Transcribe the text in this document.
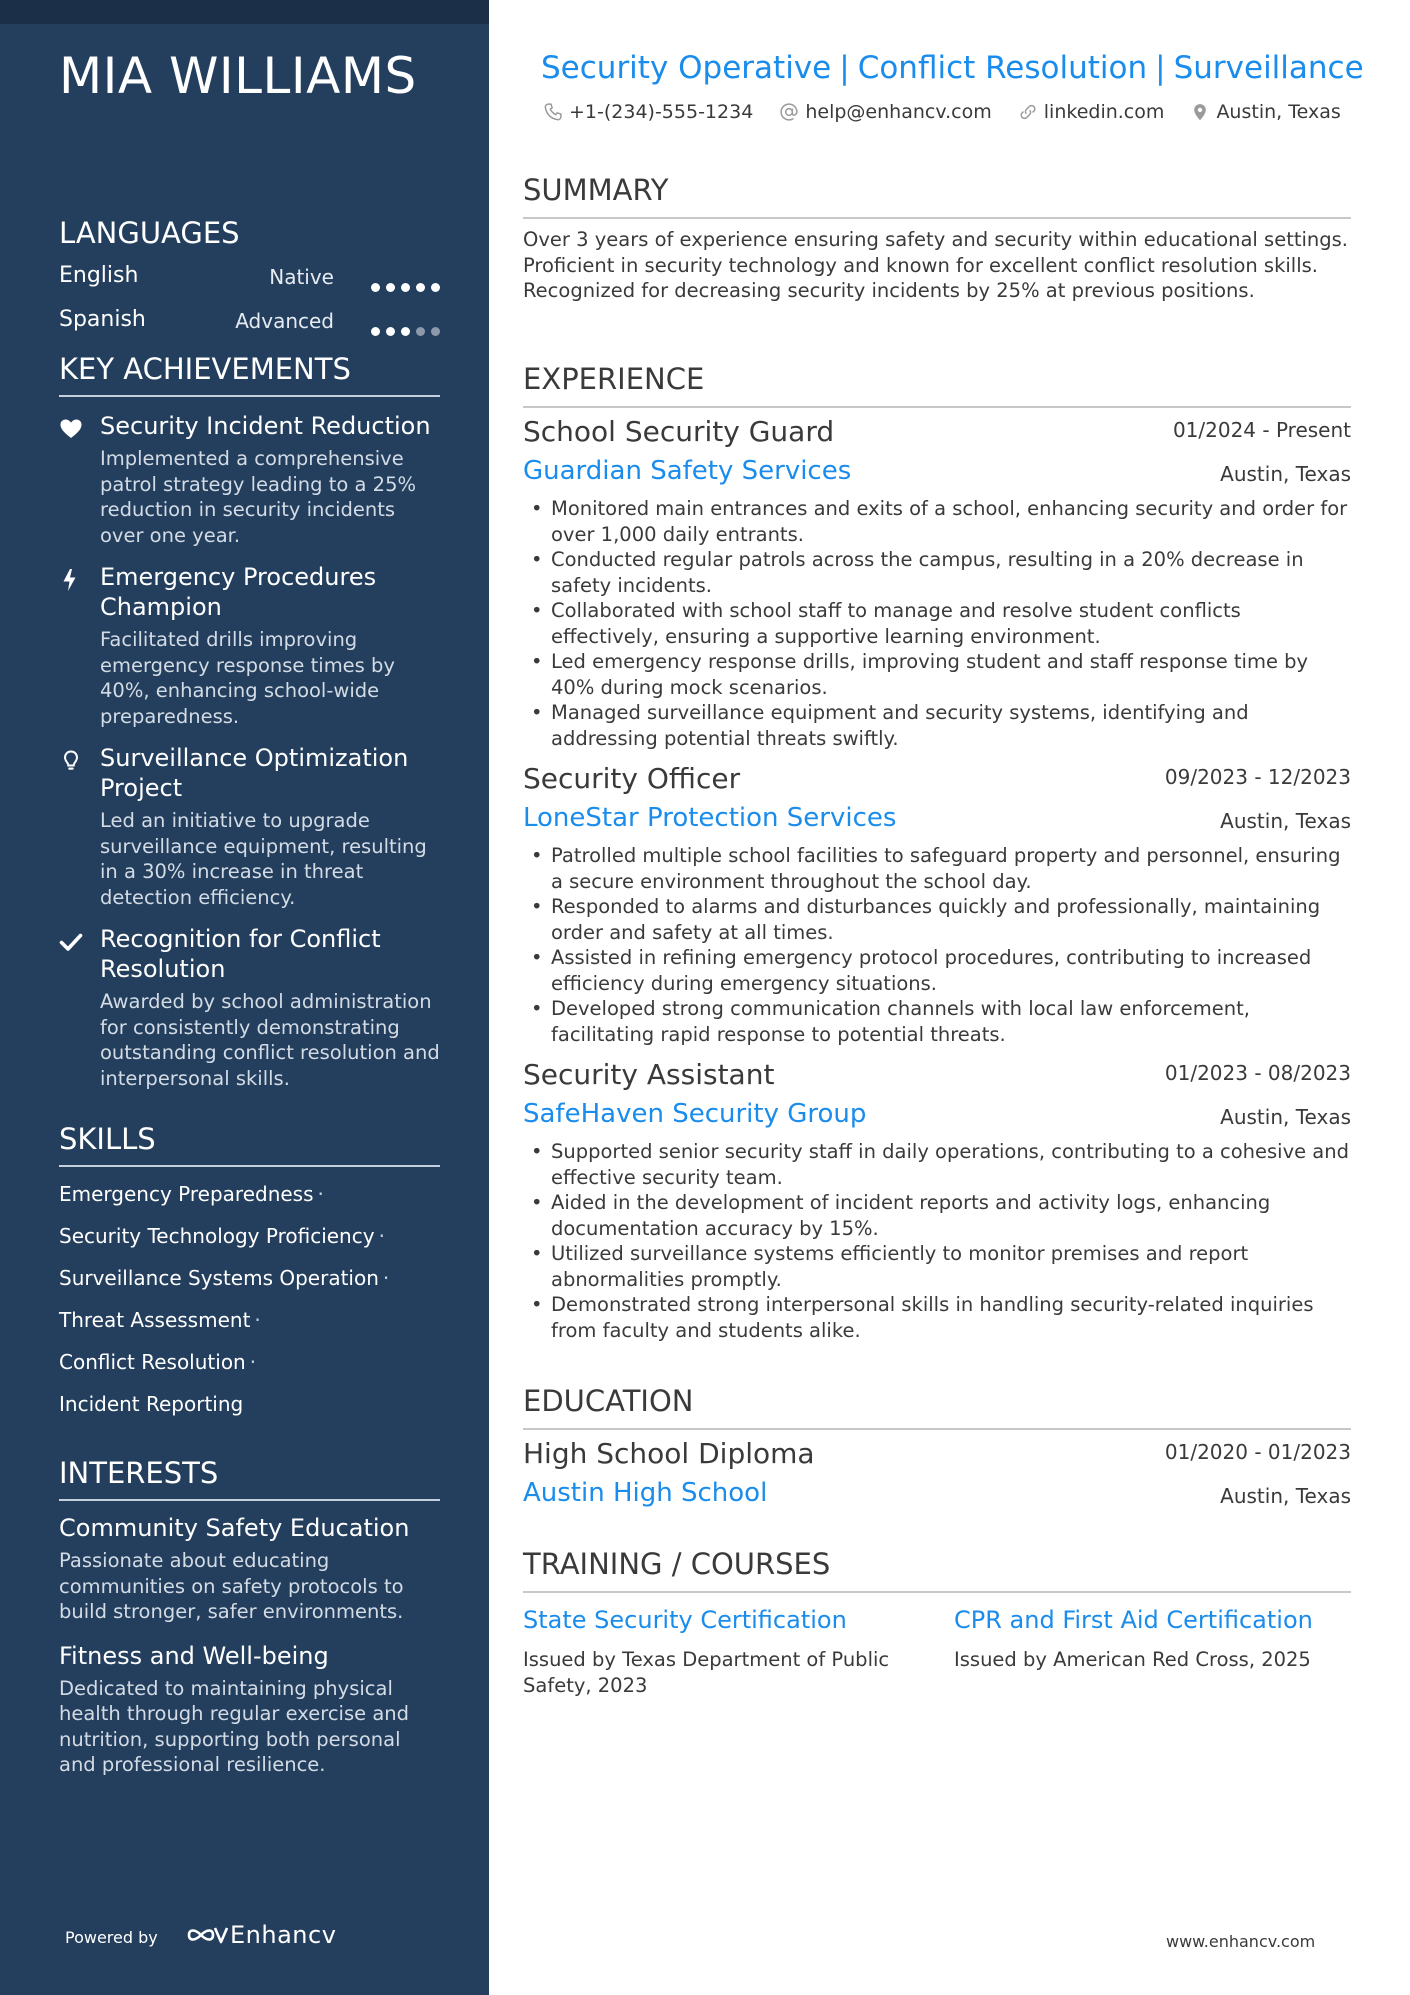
MIA WILLIAMS
LANGUAGES
English	Native
Spanish	Advanced
KEY ACHIEVEMENTS
Security Incident Reduction
Implemented a comprehensive patrol strategy leading to a 25% reduction in security incidents over one year.
Emergency Procedures Champion
Facilitated drills improving emergency response times by 40%, enhancing school-wide preparedness.
Surveillance Optimization Project
Led an initiative to upgrade surveillance equipment, resulting in a 30% increase in threat detection efficiency.
Recognition for Conflict Resolution
Awarded by school administration for consistently demonstrating outstanding conflict resolution and interpersonal skills.
SKILLS
Emergency Preparedness ·
Security Technology Proficiency ·
Surveillance Systems Operation ·
Threat Assessment ·
Conflict Resolution ·
Incident Reporting
INTERESTS
Community Safety Education
Passionate about educating communities on safety protocols to build stronger, safer environments.
Fitness and Well-being
Dedicated to maintaining physical health through regular exercise and nutrition, supporting both personal and professional resilience.
Powered by	Enhancv
Security Operative | Conflict Resolution | Surveillance
+1-(234)-555-1234
	help@enhancv.com
	linkedin.com
	Austin, Texas
SUMMARY
Over 3 years of experience ensuring safety and security within educational settings. Proficient in security technology and known for excellent conflict resolution skills. Recognized for decreasing security incidents by 25% at previous positions.
EXPERIENCE
School Security Guard	01/2024 - Present
Guardian Safety Services	Austin, Texas
• Monitored main entrances and exits of a school, enhancing security and order for over 1,000 daily entrants.
• Conducted regular patrols across the campus, resulting in a 20% decrease in safety incidents.
• Collaborated with school staff to manage and resolve student conflicts effectively, ensuring a supportive learning environment.
• Led emergency response drills, improving student and staff response time by 40% during mock scenarios.
• Managed surveillance equipment and security systems, identifying and addressing potential threats swiftly.
Security Officer	09/2023 - 12/2023
LoneStar Protection Services	Austin, Texas
• Patrolled multiple school facilities to safeguard property and personnel, ensuring a secure environment throughout the school day.
• Responded to alarms and disturbances quickly and professionally, maintaining order and safety at all times.
• Assisted in refining emergency protocol procedures, contributing to increased efficiency during emergency situations.
• Developed strong communication channels with local law enforcement, facilitating rapid response to potential threats.
Security Assistant	01/2023 - 08/2023
SafeHaven Security Group	Austin, Texas
• Supported senior security staff in daily operations, contributing to a cohesive and effective security team.
• Aided in the development of incident reports and activity logs, enhancing documentation accuracy by 15%.
• Utilized surveillance systems efficiently to monitor premises and report abnormalities promptly.
• Demonstrated strong interpersonal skills in handling security-related inquiries from faculty and students alike.
EDUCATION
High School Diploma	01/2020 - 01/2023
Austin High School	Austin, Texas
TRAINING / COURSES
State Security Certification
Issued by Texas Department of Public Safety, 2023
CPR and First Aid Certification
Issued by American Red Cross, 2025
www.enhancv.com
